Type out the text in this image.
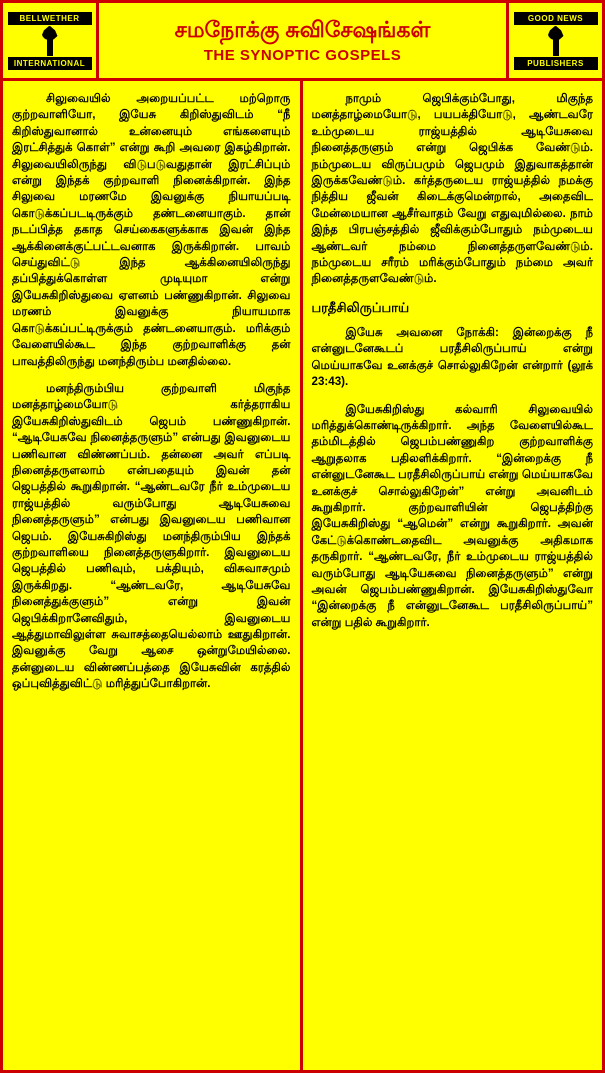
BELLWETHER
INTERNATIONAL
சமநோக்கு சுவிசேஷங்கள்
THE SYNOPTIC GOSPELS
GOOD NEWS
PUBLISHERS

சிலுவையில் அறையப்பட்ட மற்றொரு குற்றவாளியோ, இயேசு கிறிஸ்துவிடம் “நீ கிறிஸ்துவானால் உன்னையும் எங்களையும் இரட்சித்துக் கொள்” என்று கூறி அவரை இகழ்கிறான். சிலுவையிலிருந்து விடுபடுவதுதான் இரட்சிப்பும் என்று இந்தக் குற்றவாளி நினைக்கிறான். இந்த சிலுவை மரணமே இவனுக்கு நியாயப்படி கொடுக்கப்படடிருக்கும் தண்டனையாகும். தான் நடப்பித்த தகாத செய்கைகளுக்காக இவன் இந்த ஆக்கினைக்குட்பட்டவனாக இருக்கிறான். பாவம் செய்துவிட்டு இந்த ஆக்கினையிலிருந்து தப்பித்துக்கொள்ள முடியுமா என்று இயேசுகிறிஸ்துவை ஏளனம் பண்ணுகிறான். சிலுவை மரணம் இவனுக்கு நியாயமாக கொடுக்கப்பட்டிருக்கும் தண்டனையாகும். மரிக்கும் வேளையில்கூட இந்த குற்றவாளிக்கு தன் பாவத்திலிருந்து மனந்திரும்ப மனதில்லை.

மனந்திரும்பிய குற்றவாளி மிகுந்த மனத்தாழ்மையோடு கர்த்தராகிய இயேசுகிறிஸ்துவிடம் ஜெபம் பண்ணுகிறான். “ஆடியேசுவே நினைத்தருளும்” என்பது இவனுடைய பணிவான விண்ணப்பம். தன்னை அவர் எப்படி நினைத்தருளலாம் என்பதையும் இவன் தன் ஜெபத்தில் கூறுகிறான். “ஆண்டவரே நீர் உம்முடைய ராஜ்யத்தில் வரும்போது ஆடியேசுவை நினைத்தருளும்” என்பது இவனுடைய பணிவான ஜெபம். இயேசுகிறிஸ்து மனந்திரும்பிய இந்தக் குற்றவாளியை நினைத்தருளுகிறார். இவனுடைய ஜெபத்தில் பணிவும், பக்தியும், விசுவாசமும் இருக்கிறது. “ஆண்டவரே, ஆடியேசுவே நினைத்துக்குளும்” என்று இவன் ஜெபிக்கிறானேவிதும், இவனுடைய ஆத்துமாவிலுள்ள சுவாசத்தையெல்லாம் ஊதுகிறான். இவனுக்கு வேறு ஆசை ஒன்றுமேயில்லை. தன்னுடைய விண்ணப்பத்தை இயேசுவின் கரத்தில் ஒப்புவித்துவிட்டு மரித்துப்போகிறான்.

நாமும் ஜெபிக்கும்போது, மிகுந்த மனத்தாழ்மையோடு, பயபக்தியோடு, ஆண்டவரே உம்முடைய ராஜ்யத்தில் ஆடியேசுவை நினைத்தருளும் என்று ஜெபிக்க வேண்டும். நம்முடைய விருப்பமும் ஜெபமும் இதுவாகத்தான் இருக்கவேண்டும். கர்த்தருடைய ராஜ்யத்தில் நமக்கு நித்திய ஜீவன் கிடைக்குமென்றால், அதைவிட மேன்மையான ஆசீர்வாதம் வேறு எதுவுமில்லை. நாம் இந்த பிரபஞ்சத்தில் ஜீவிக்கும்போதும் நம்முடைய ஆண்டவர் நம்மை நினைத்தருளவேண்டும். நம்முடைய சரீரம் மரிக்கும்போதும் நம்மை அவர் நினைத்தருளவேண்டும்.

பரதீசிலிருப்பாய்

இயேசு அவனை நோக்கி: இன்றைக்கு நீ என்னுடனேகூடப் பரதீசிலிருப்பாய் என்று மெய்யாகவே உனக்குச் சொல்லுகிறேன் என்றார் (லூக் 23:43).

இயேசுகிறிஸ்து கல்வாரி சிலுவையில் மரித்துக்கொண்டிருக்கிறார். அந்த வேளையில்கூட தம்மிடத்தில் ஜெபம்பண்ணுகிற குற்றவாளிக்கு ஆறுதலாக பதிலளிக்கிறார். “இன்றைக்கு நீ என்னுடனேகூட பரதீசிலிருப்பாய் என்று மெய்யாகவே உனக்குச் சொல்லுகிறேன்” என்று அவனிடம் கூறுகிறார். குற்றவாளியின் ஜெபத்திற்கு இயேசுகிறிஸ்து “ஆமென்” என்று கூறுகிறார். அவன் கேட்டுக்கொண்டதைவிட அவனுக்கு அதிகமாக தருகிறார். “ஆண்டவரே, நீர் உம்முடைய ராஜ்யத்தில் வரும்போது ஆடியேசுவை நினைத்தருளும்” என்று அவன் ஜெபம்பண்ணுகிறான். இயேசுகிறிஸ்துவோ “இன்றைக்கு நீ என்னுடனேகூட பரதீசிலிருப்பாய்” என்று பதில் கூறுகிறார்.
